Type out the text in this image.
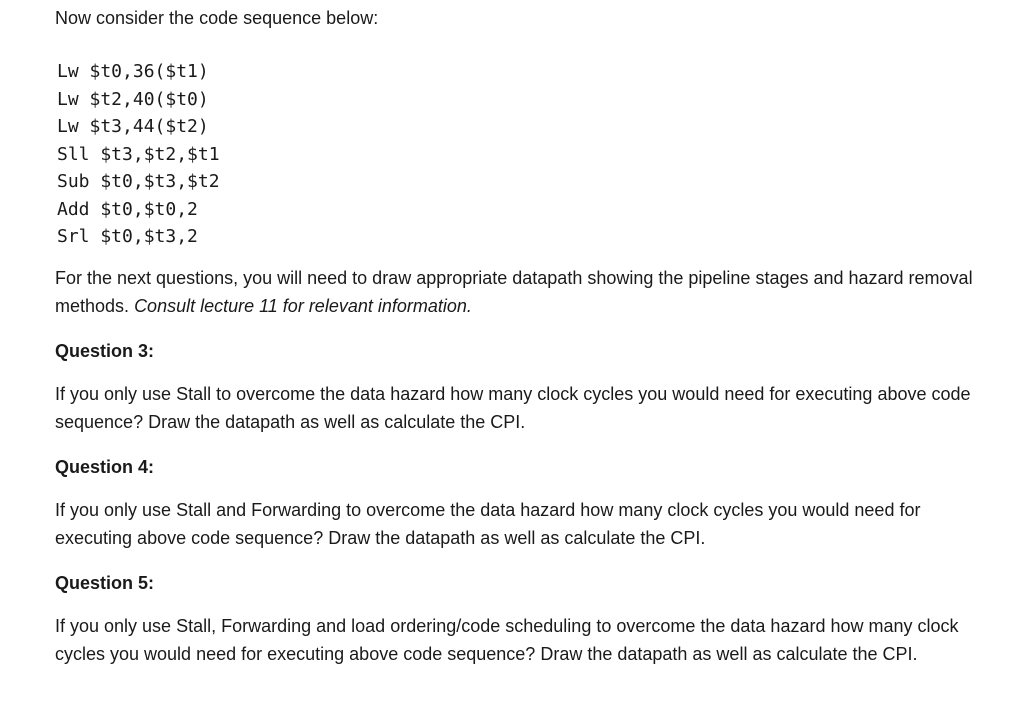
Now consider the code sequence below:
Lw $t0,36($t1)
Lw $t2,40($t0)
Lw $t3,44($t2)
Sll $t3,$t2,$t1
Sub $t0,$t3,$t2
Add $t0,$t0,2
Srl $t0,$t3,2
For the next questions, you will need to draw appropriate datapath showing the pipeline stages and hazard removal methods. Consult lecture 11 for relevant information.
Question 3:
If you only use Stall to overcome the data hazard how many clock cycles you would need for executing above code sequence? Draw the datapath as well as calculate the CPI.
Question 4:
If you only use Stall and Forwarding to overcome the data hazard how many clock cycles you would need for executing above code sequence? Draw the datapath as well as calculate the CPI.
Question 5:
If you only use Stall, Forwarding and load ordering/code scheduling to overcome the data hazard how many clock cycles you would need for executing above code sequence? Draw the datapath as well as calculate the CPI.
